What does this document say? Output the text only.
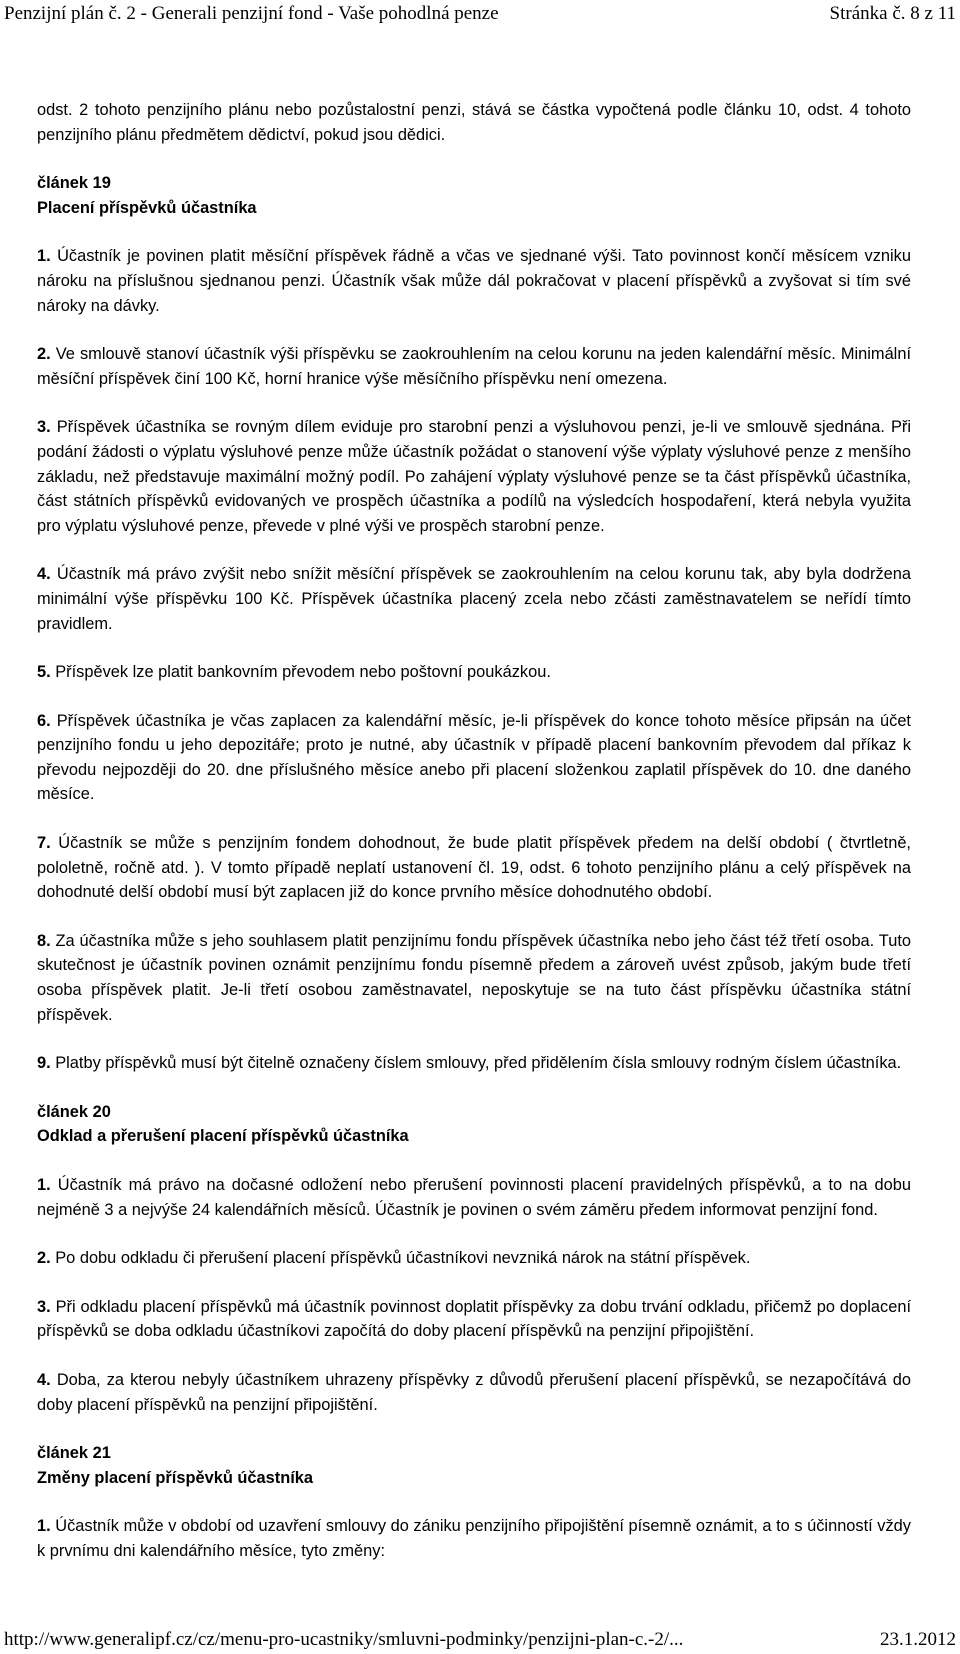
Penzijní plán č. 2 - Generali penzijní fond - Vaše pohodlná penze	Stránka č. 8 z 11

odst. 2 tohoto penzijního plánu nebo pozůstalostní penzi, stává se částka vypočtená podle článku 10, odst. 4 tohoto penzijního plánu předmětem dědictví, pokud jsou dědici.

článek 19
Placení příspěvků účastníka

1. Účastník je povinen platit měsíční příspěvek řádně a včas ve sjednané výši. Tato povinnost končí měsícem vzniku nároku na příslušnou sjednanou penzi. Účastník však může dál pokračovat v placení příspěvků a zvyšovat si tím své nároky na dávky.

2. Ve smlouvě stanoví účastník výši příspěvku se zaokrouhlením na celou korunu na jeden kalendářní měsíc. Minimální měsíční příspěvek činí 100 Kč, horní hranice výše měsíčního příspěvku není omezena.

3. Příspěvek účastníka se rovným dílem eviduje pro starobní penzi a výsluhovou penzi, je-li ve smlouvě sjednána. Při podání žádosti o výplatu výsluhové penze může účastník požádat o stanovení výše výplaty výsluhové penze z menšího základu, než představuje maximální možný podíl. Po zahájení výplaty výsluhové penze se ta část příspěvků účastníka, část státních příspěvků evidovaných ve prospěch účastníka a podílů na výsledcích hospodaření, která nebyla využita pro výplatu výsluhové penze, převede v plné výši ve prospěch starobní penze.

4. Účastník má právo zvýšit nebo snížit měsíční příspěvek se zaokrouhlením na celou korunu tak, aby byla dodržena minimální výše příspěvku 100 Kč. Příspěvek účastníka placený zcela nebo zčásti zaměstnavatelem se neřídí tímto pravidlem.

5. Příspěvek lze platit bankovním převodem nebo poštovní poukázkou.

6. Příspěvek účastníka je včas zaplacen za kalendářní měsíc, je-li příspěvek do konce tohoto měsíce připsán na účet penzijního fondu u jeho depozitáře; proto je nutné, aby účastník v případě placení bankovním převodem dal příkaz k převodu nejpozději do 20. dne příslušného měsíce anebo při placení složenkou zaplatil příspěvek do 10. dne daného měsíce.

7. Účastník se může s penzijním fondem dohodnout, že bude platit příspěvek předem na delší období ( čtvrtletně, pololetně, ročně atd. ). V tomto případě neplatí ustanovení čl. 19, odst. 6 tohoto penzijního plánu a celý příspěvek na dohodnuté delší období musí být zaplacen již do konce prvního měsíce dohodnutého období.

8. Za účastníka může s jeho souhlasem platit penzijnímu fondu příspěvek účastníka nebo jeho část též třetí osoba. Tuto skutečnost je účastník povinen oznámit penzijnímu fondu písemně předem a zároveň uvést způsob, jakým bude třetí osoba příspěvek platit. Je-li třetí osobou zaměstnavatel, neposkytuje se na tuto část příspěvku účastníka státní příspěvek.

9. Platby příspěvků musí být čitelně označeny číslem smlouvy, před přidělením čísla smlouvy rodným číslem účastníka.

článek 20
Odklad a přerušení placení příspěvků účastníka

1. Účastník má právo na dočasné odložení nebo přerušení povinnosti placení pravidelných příspěvků, a to na dobu nejméně 3 a nejvýše 24 kalendářních měsíců. Účastník je povinen o svém záměru předem informovat penzijní fond.

2. Po dobu odkladu či přerušení placení příspěvků účastníkovi nevzniká nárok na státní příspěvek.

3. Při odkladu placení příspěvků má účastník povinnost doplatit příspěvky za dobu trvání odkladu, přičemž po doplacení příspěvků se doba odkladu účastníkovi započítá do doby placení příspěvků na penzijní připojištění.

4. Doba, za kterou nebyly účastníkem uhrazeny příspěvky z důvodů přerušení placení příspěvků, se nezapočítává do doby placení příspěvků na penzijní připojištění.

článek 21
Změny placení příspěvků účastníka

1. Účastník může v období od uzavření smlouvy do zániku penzijního připojištění písemně oznámit, a to s účinností vždy k prvnímu dni kalendářního měsíce, tyto změny:

http://www.generalipf.cz/cz/menu-pro-ucastniky/smluvni-podminky/penzijni-plan-c.-2/...	23.1.2012
